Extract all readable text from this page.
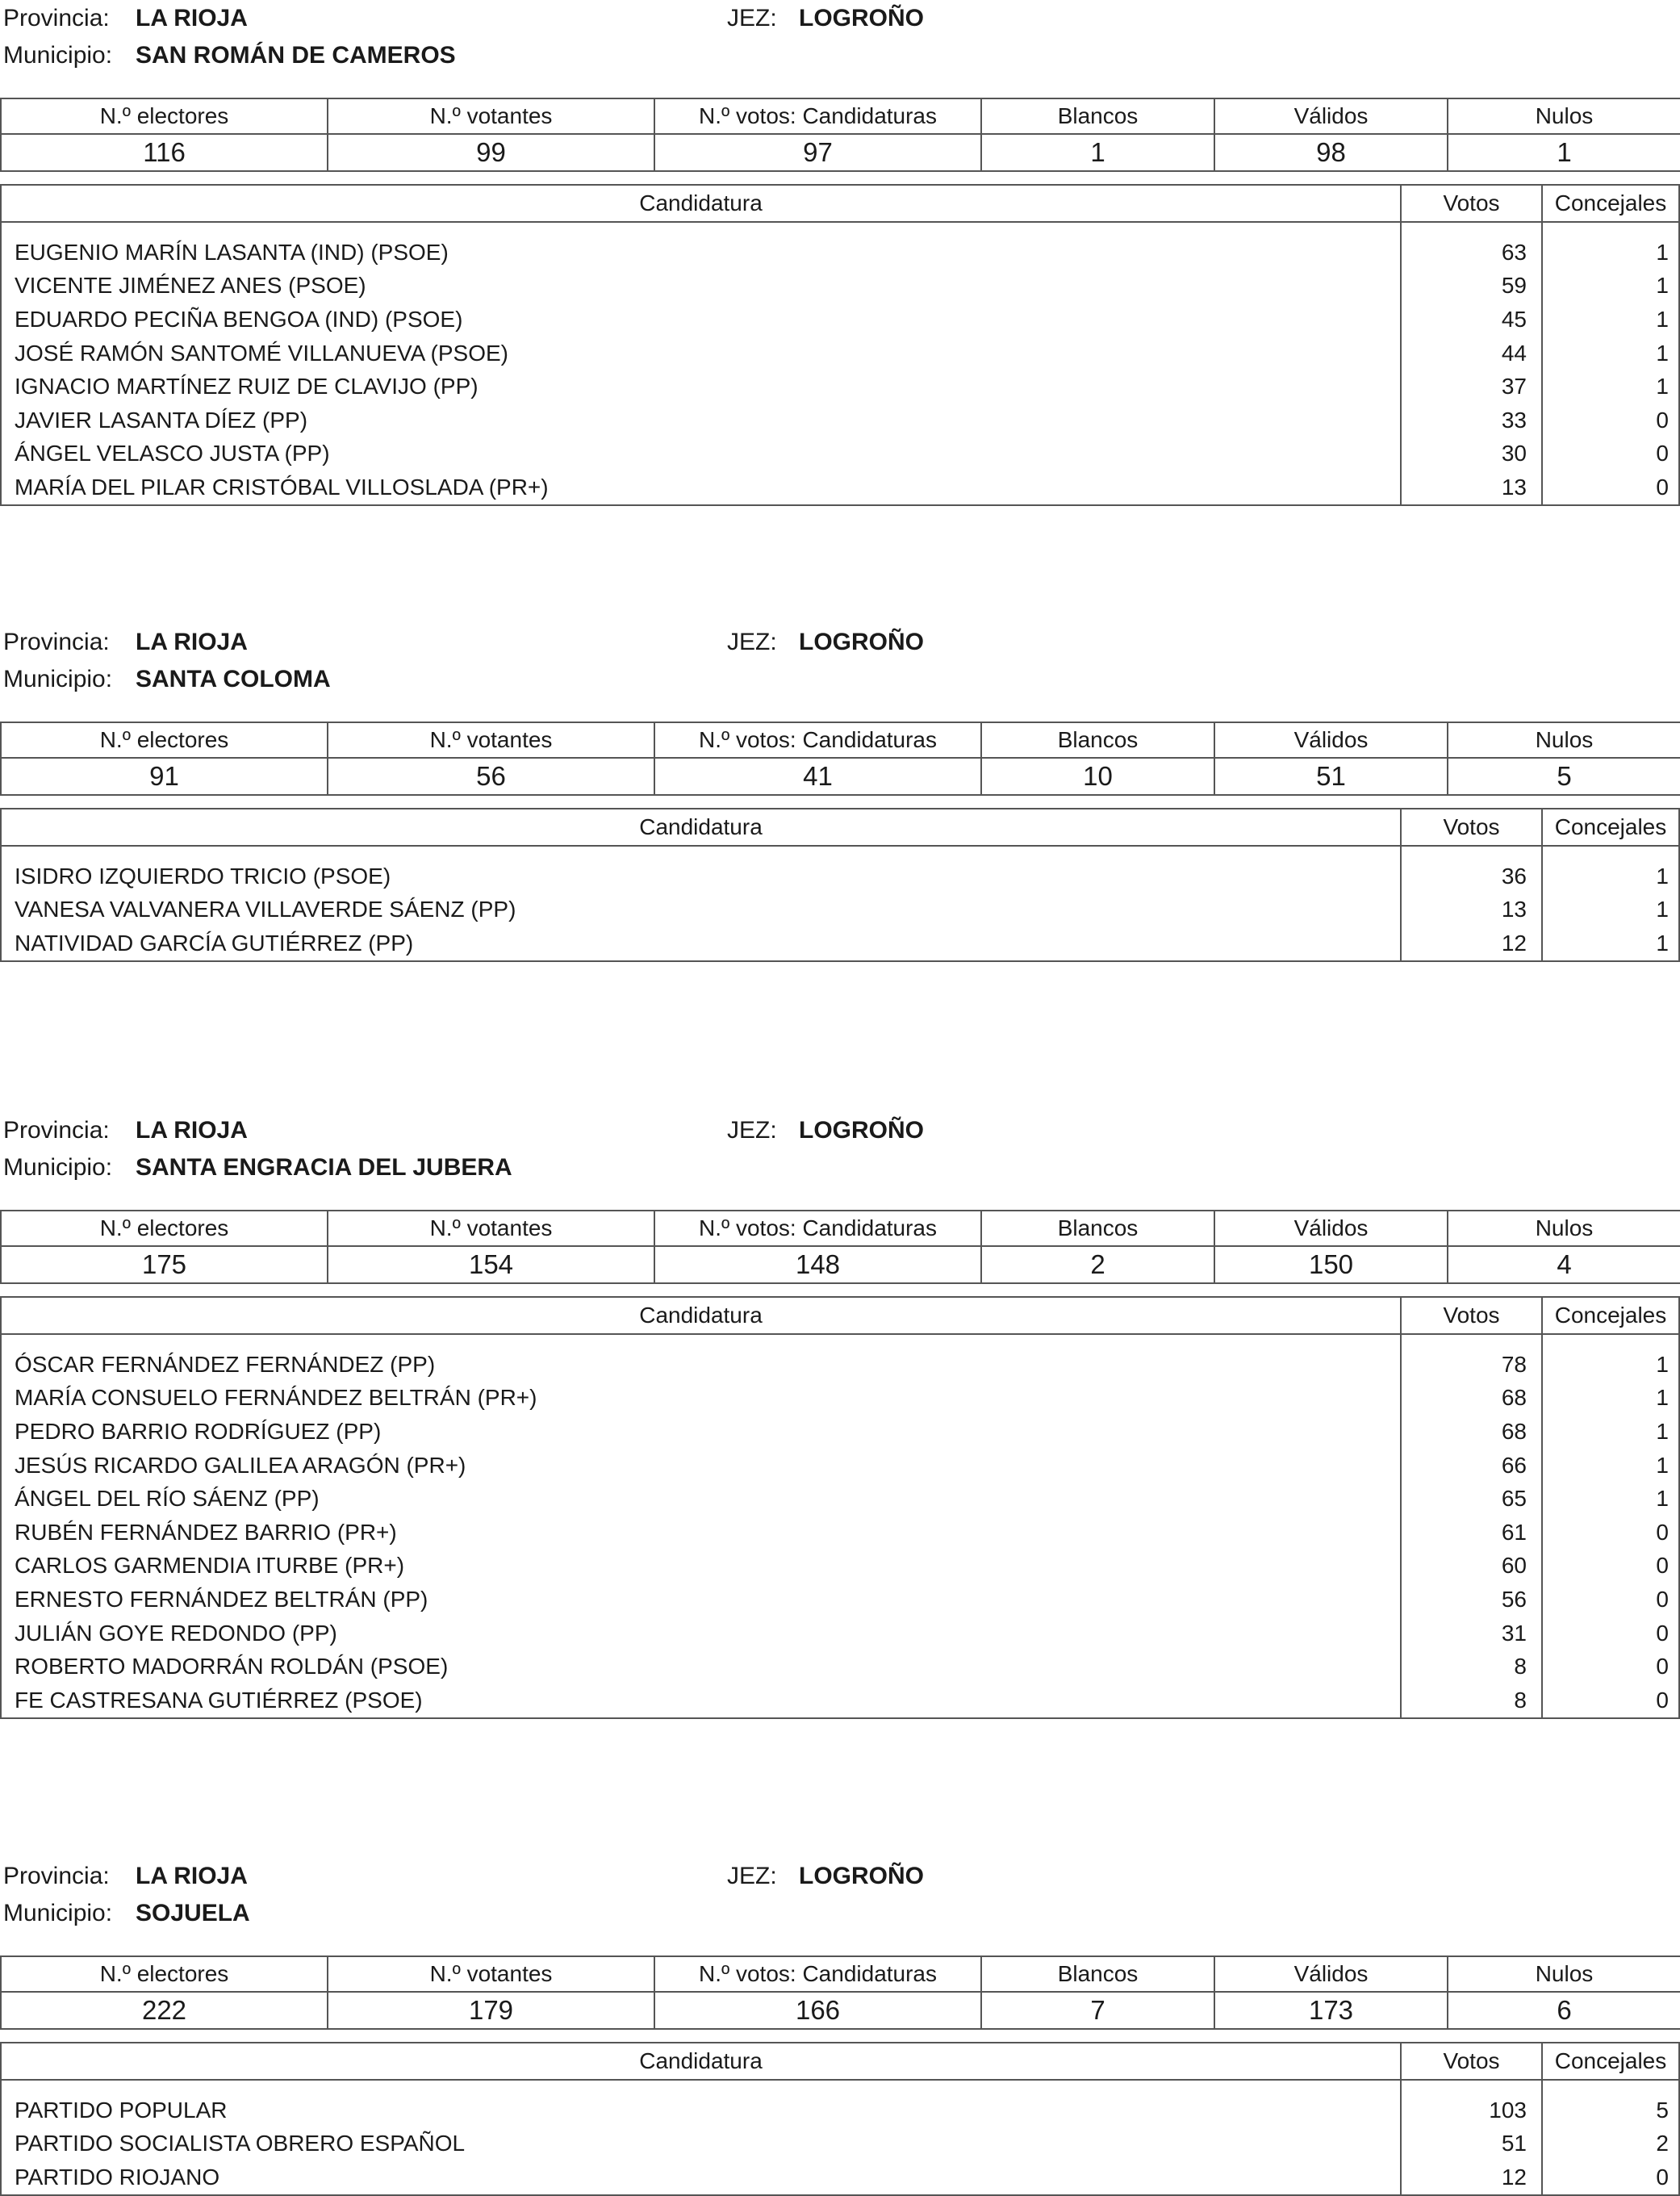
Provincia: LA RIOJA	JEZ: LOGROÑO
Municipio: SAN ROMÁN DE CAMEROS
N.º electores	N.º votantes	N.º votos: Candidaturas	Blancos	Válidos	Nulos
116	99	97	1	98	1
Candidatura	Votos	Concejales

EUGENIO MARÍN LASANTA (IND) (PSOE)	63	1
VICENTE JIMÉNEZ ANES (PSOE)	59	1
EDUARDO PECIÑA BENGOA (IND) (PSOE)	45	1
JOSÉ RAMÓN SANTOMÉ VILLANUEVA (PSOE)	44	1
IGNACIO MARTÍNEZ RUIZ DE CLAVIJO (PP)	37	1
JAVIER LASANTA DÍEZ (PP)	33	0
ÁNGEL VELASCO JUSTA (PP)	30	0
MARÍA DEL PILAR CRISTÓBAL VILLOSLADA (PR+)	13	0
Provincia: LA RIOJA	JEZ: LOGROÑO
Municipio: SANTA COLOMA
N.º electores	N.º votantes	N.º votos: Candidaturas	Blancos	Válidos	Nulos
91	56	41	10	51	5
Candidatura	Votos	Concejales

ISIDRO IZQUIERDO TRICIO (PSOE)	36	1
VANESA VALVANERA VILLAVERDE SÁENZ (PP)	13	1
NATIVIDAD GARCÍA GUTIÉRREZ (PP)	12	1
Provincia: LA RIOJA	JEZ: LOGROÑO
Municipio: SANTA ENGRACIA DEL JUBERA
N.º electores	N.º votantes	N.º votos: Candidaturas	Blancos	Válidos	Nulos
175	154	148	2	150	4
Candidatura	Votos	Concejales

ÓSCAR FERNÁNDEZ FERNÁNDEZ (PP)	78	1
MARÍA CONSUELO FERNÁNDEZ BELTRÁN (PR+)	68	1
PEDRO BARRIO RODRÍGUEZ (PP)	68	1
JESÚS RICARDO GALILEA ARAGÓN (PR+)	66	1
ÁNGEL DEL RÍO SÁENZ (PP)	65	1
RUBÉN FERNÁNDEZ BARRIO (PR+)	61	0
CARLOS GARMENDIA ITURBE (PR+)	60	0
ERNESTO FERNÁNDEZ BELTRÁN (PP)	56	0
JULIÁN GOYE REDONDO (PP)	31	0
ROBERTO MADORRÁN ROLDÁN (PSOE)	8	0
FE CASTRESANA GUTIÉRREZ (PSOE)	8	0
Provincia: LA RIOJA	JEZ: LOGROÑO
Municipio: SOJUELA
N.º electores	N.º votantes	N.º votos: Candidaturas	Blancos	Válidos	Nulos
222	179	166	7	173	6
Candidatura	Votos	Concejales

PARTIDO POPULAR	103	5
PARTIDO SOCIALISTA OBRERO ESPAÑOL	51	2
PARTIDO RIOJANO	12	0
